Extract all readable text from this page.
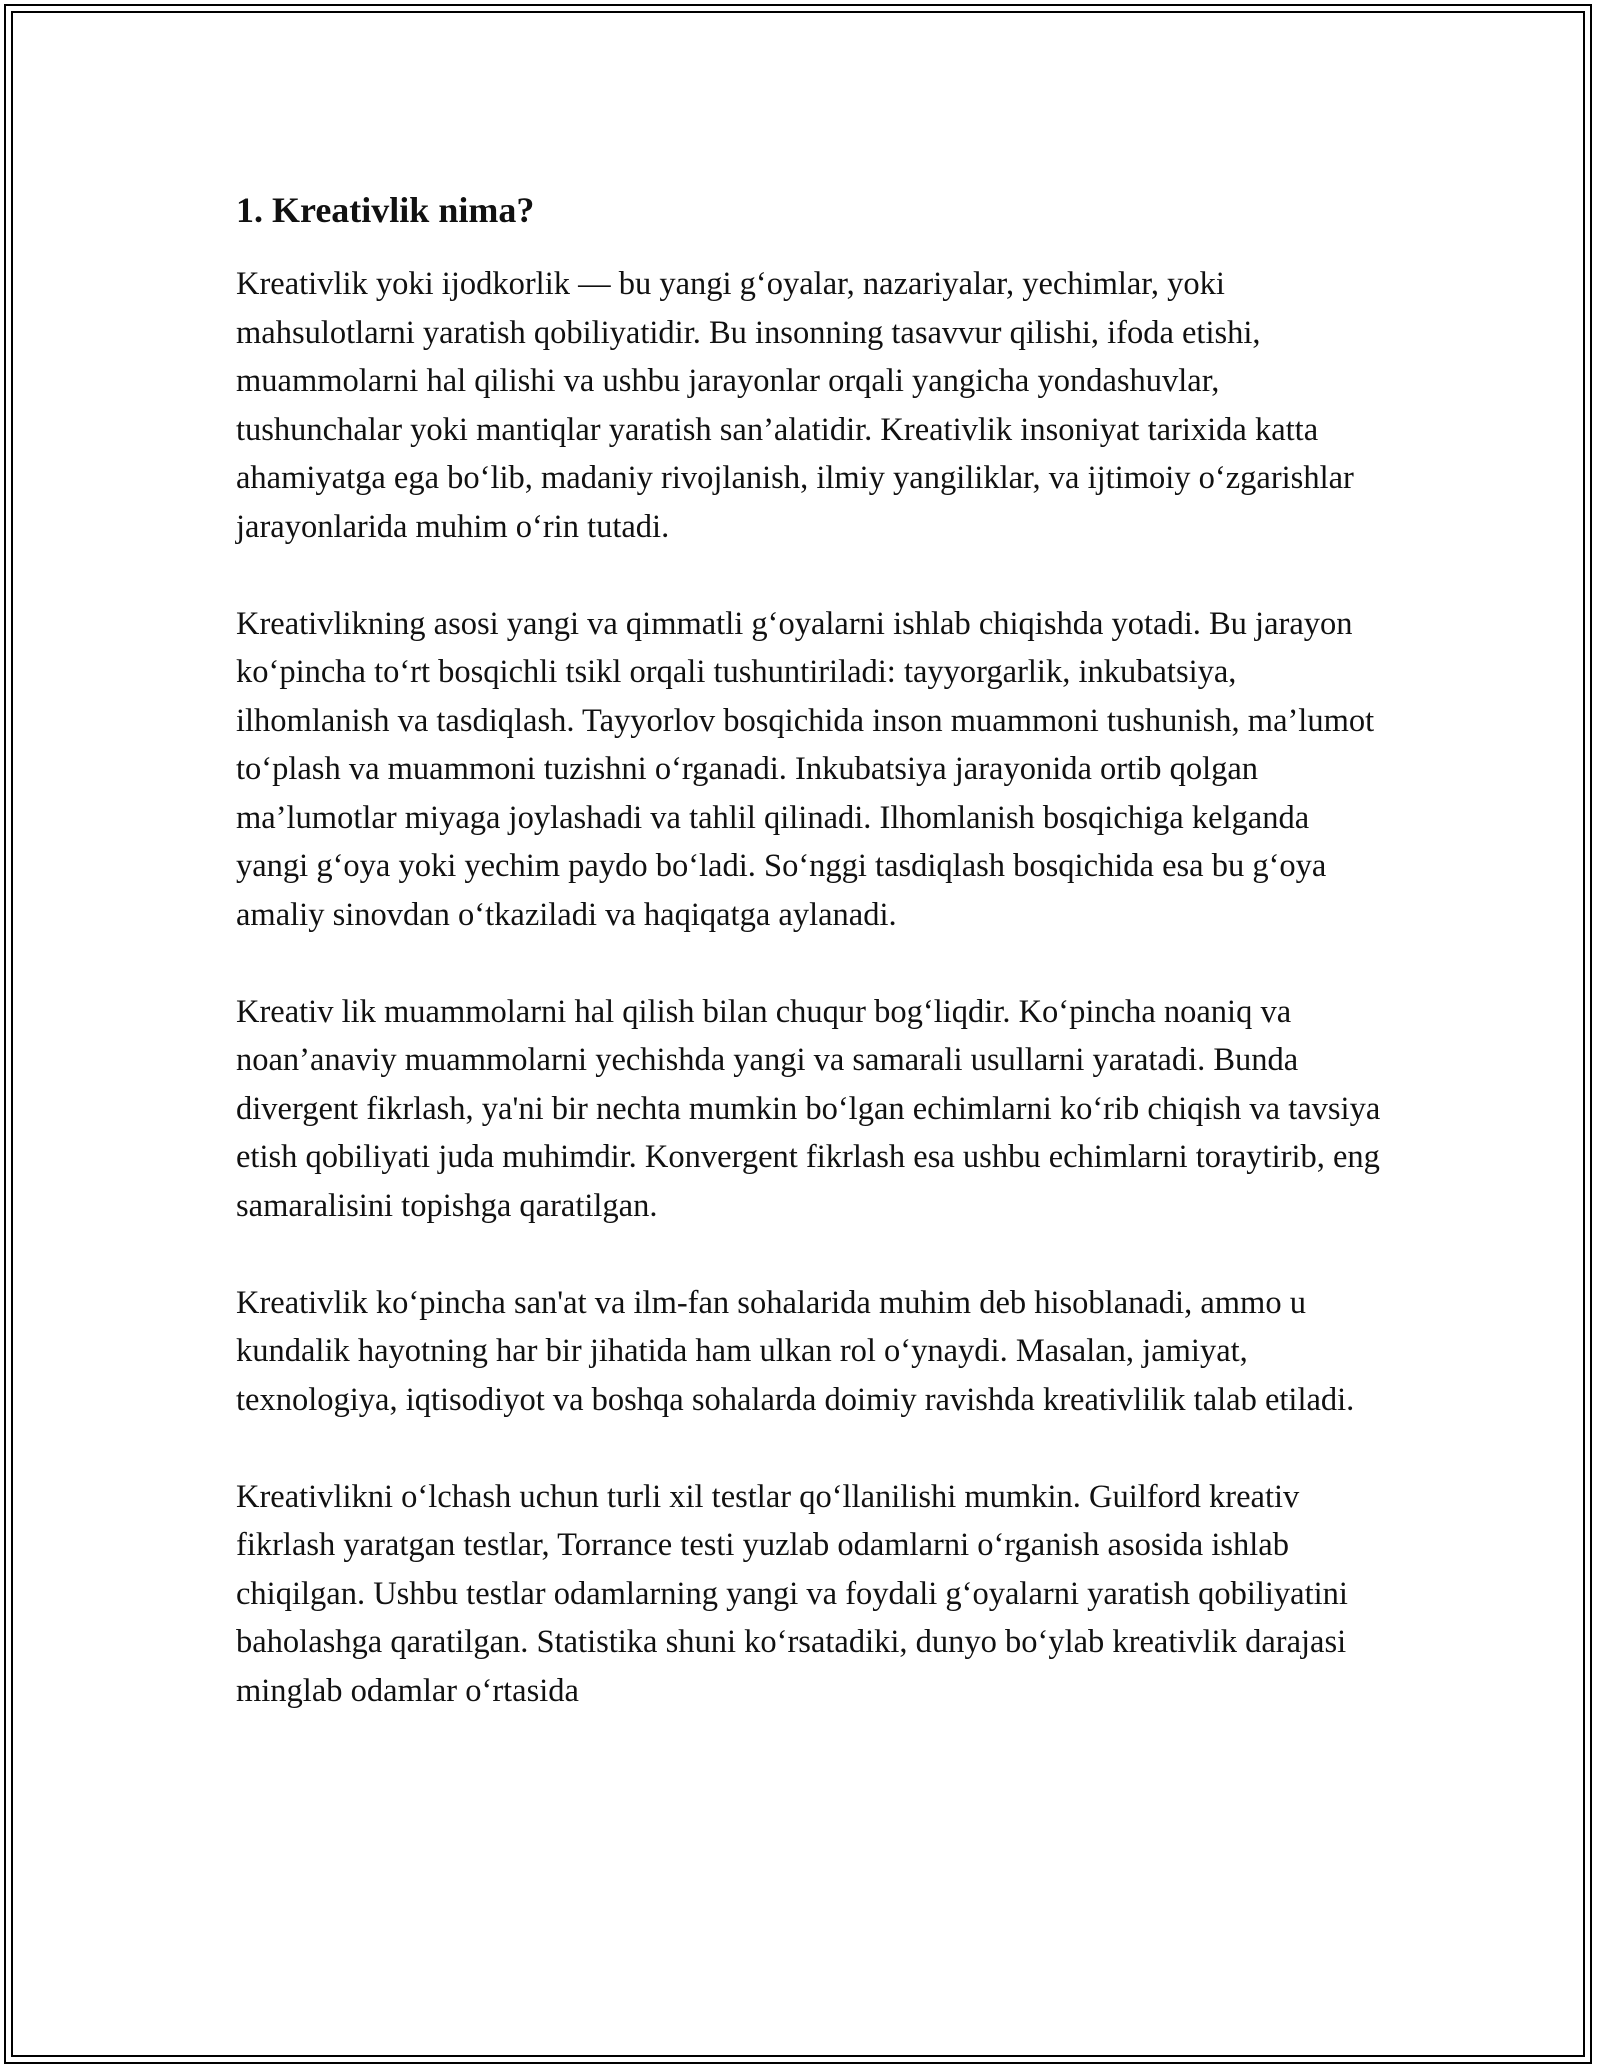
1. Kreativlik nima?

Kreativlik yoki ijodkorlik — bu yangi g‘oyalar, nazariyalar, yechimlar, yoki mahsulotlarni yaratish qobiliyatidir. Bu insonning tasavvur qilishi, ifoda etishi, muammolarni hal qilishi va ushbu jarayonlar orqali yangicha yondashuvlar, tushunchalar yoki mantiqlar yaratish san’alatidir. Kreativlik insoniyat tarixida katta ahamiyatga ega bo‘lib, madaniy rivojlanish, ilmiy yangiliklar, va ijtimoiy o‘zgarishlar jarayonlarida muhim o‘rin tutadi.

Kreativlikning asosi yangi va qimmatli g‘oyalarni ishlab chiqishda yotadi. Bu jarayon ko‘pincha to‘rt bosqichli tsikl orqali tushuntiriladi: tayyorgarlik, inkubatsiya, ilhomlanish va tasdiqlash. Tayyorlov bosqichida inson muammoni tushunish, ma’lumot to‘plash va muammoni tuzishni o‘rganadi. Inkubatsiya jarayonida ortib qolgan ma’lumotlar miyaga joylashadi va tahlil qilinadi. Ilhomlanish bosqichiga kelganda yangi g‘oya yoki yechim paydo bo‘ladi. So‘nggi tasdiqlash bosqichida esa bu g‘oya amaliy sinovdan o‘tkaziladi va haqiqatga aylanadi.

Kreativ lik muammolarni hal qilish bilan chuqur bog‘liqdir. Ko‘pincha noaniq va noan’anaviy muammolarni yechishda yangi va samarali usullarni yaratadi. Bunda divergent fikrlash, ya'ni bir nechta mumkin bo‘lgan echimlarni ko‘rib chiqish va tavsiya etish qobiliyati juda muhimdir. Konvergent fikrlash esa ushbu echimlarni toraytirib, eng samaralisini topishga qaratilgan.

Kreativlik ko‘pincha san'at va ilm-fan sohalarida muhim deb hisoblanadi, ammo u kundalik hayotning har bir jihatida ham ulkan rol o‘ynaydi. Masalan, jamiyat, texnologiya, iqtisodiyot va boshqa sohalarda doimiy ravishda kreativlilik talab etiladi.

Kreativlikni o‘lchash uchun turli xil testlar qo‘llanilishi mumkin. Guilford kreativ fikrlash yaratgan testlar, Torrance testi yuzlab odamlarni o‘rganish asosida ishlab chiqilgan. Ushbu testlar odamlarning yangi va foydali g‘oyalarni yaratish qobiliyatini baholashga qaratilgan. Statistika shuni ko‘rsatadiki, dunyo bo‘ylab kreativlik darajasi minglab odamlar o‘rtasida
